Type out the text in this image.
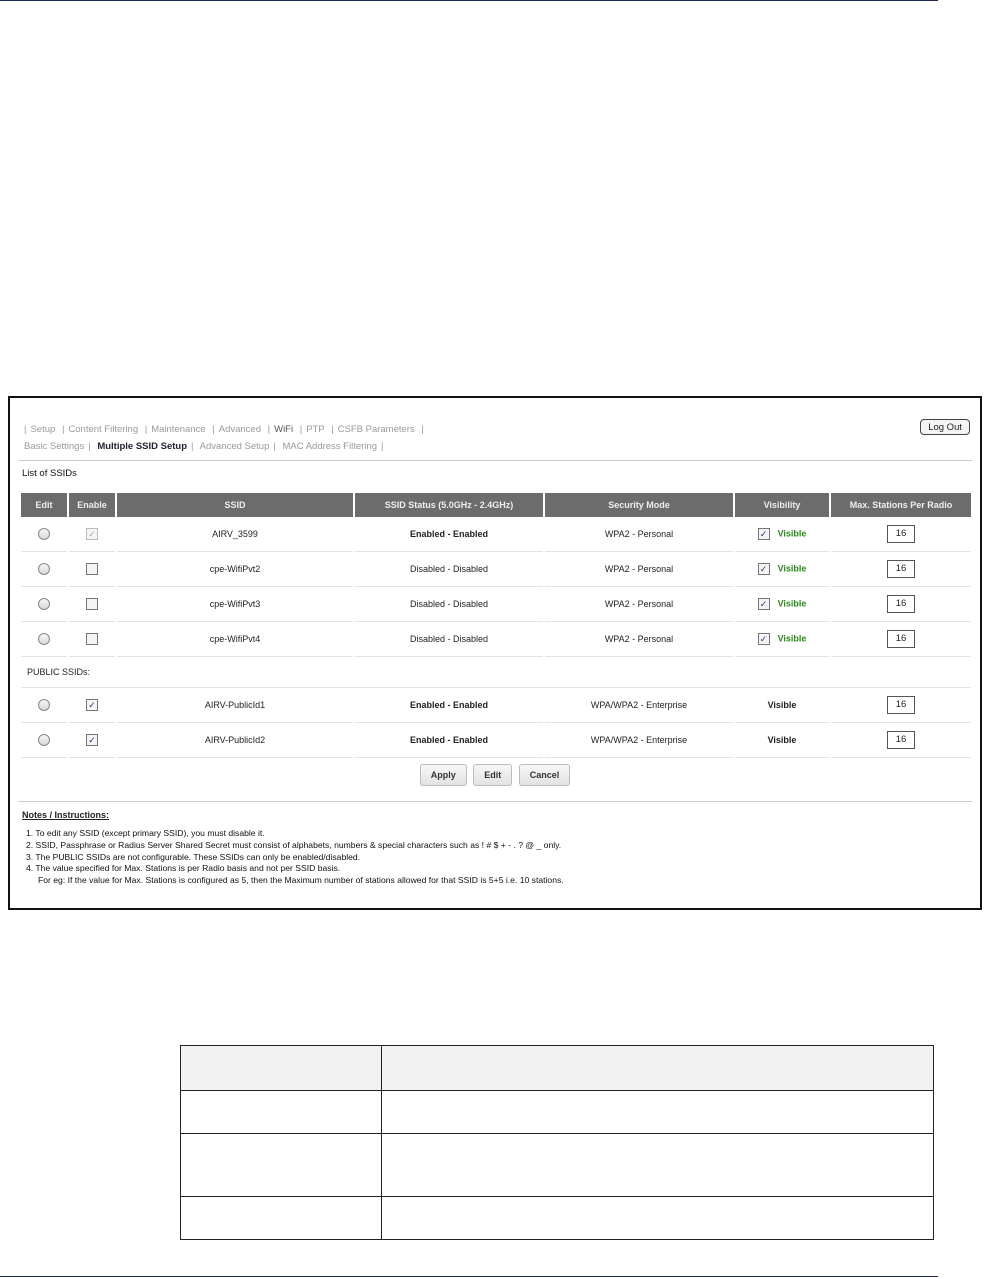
| Setup | Content Filtering | Maintenance | Advanced | WiFi | PTP | CSFB Parameters |	Log Out
Basic Settings | Multiple SSID Setup | Advanced Setup | MAC Address Filtering |
List of SSIDs
Edit	Enable	SSID	SSID Status (5.0GHz - 2.4GHz)	Security Mode	Visibility	Max. Stations Per Radio
	✓	AIRV_3599	Enabled - Enabled	WPA2 - Personal	✓ Visible	16
		cpe-WifiPvt2	Disabled - Disabled	WPA2 - Personal	✓ Visible	16
		cpe-WifiPvt3	Disabled - Disabled	WPA2 - Personal	✓ Visible	16
		cpe-WifiPvt4	Disabled - Disabled	WPA2 - Personal	✓ Visible	16
PUBLIC SSIDs:						
	✓	AIRV-PublicId1	Enabled - Enabled	WPA/WPA2 - Enterprise	Visible	16
	✓	AIRV-PublicId2	Enabled - Enabled	WPA/WPA2 - Enterprise	Visible	16
Apply	Edit	Cancel
Notes / Instructions:
1. To edit any SSID (except primary SSID), you must disable it.
2. SSID, Passphrase or Radius Server Shared Secret must consist of alphabets, numbers & special characters such as ! # $ + - . ? @ _ only.
3. The PUBLIC SSIDs are not configurable. These SSIDs can only be enabled/disabled.
4. The value specified for Max. Stations is per Radio basis and not per SSID basis.
For eg: If the value for Max. Stations is configured as 5, then the Maximum number of stations allowed for that SSID is 5+5 i.e. 10 stations.
